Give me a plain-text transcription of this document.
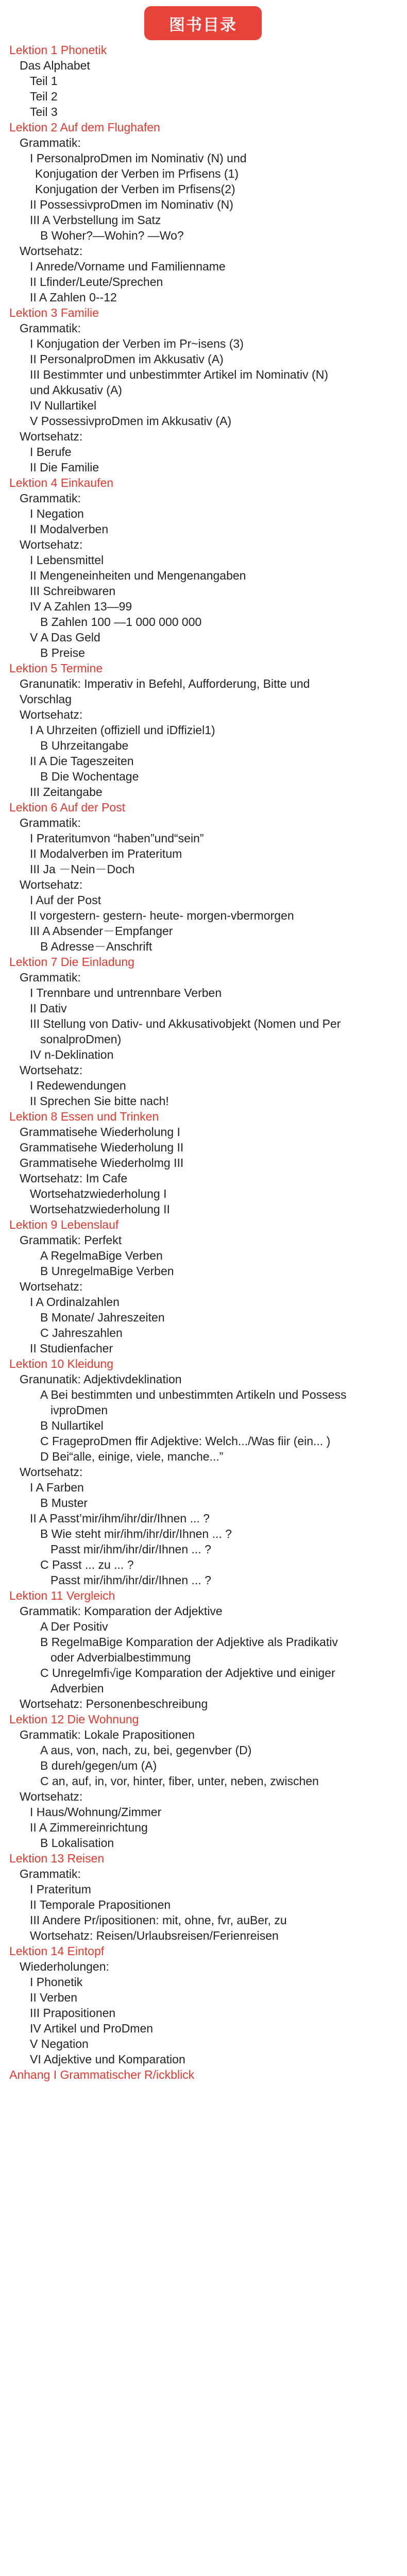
图书目录
Lektion 1 Phonetik
Das Alphabet
Teil 1
Teil 2
Teil 3
Lektion 2 Auf dem Flughafen
Grammatik:
I PersonalproDmen im Nominativ (N) und
Konjugation der Verben im Prfisens (1)
Konjugation der Verben im Prfisens(2)
II PossessivproDmen im Nominativ (N)
III A Verbstellung im Satz
B Woher?—Wohin? —Wo?
Wortsehatz:
I Anrede/Vorname und Familienname
II Lfinder/Leute/Sprechen
II A Zahlen 0--12
Lektion 3 Familie
Grammatik:
I Konjugation der Verben im Pr~isens (3)
II PersonalproDmen im Akkusativ (A)
III Bestimmter und unbestimmter Artikel im Nominativ (N)
und Akkusativ (A)
IV Nullartikel
V PossessivproDmen im Akkusativ (A)
Wortsehatz:
I Berufe
II Die Familie
Lektion 4 Einkaufen
Grammatik:
I Negation
II Modalverben
Wortsehatz:
I Lebensmittel
II Mengeneinheiten und Mengenangaben
III Schreibwaren
IV A Zahlen 13—99
B Zahlen 100 —1 000 000 000
V A Das Geld
B Preise
Lektion 5 Termine
Granunatik: Imperativ in Befehl, Aufforderung, Bitte und
Vorschlag
Wortsehatz:
I A Uhrzeiten (offiziell und iDffiziel1)
B Uhrzeitangabe
II A Die Tageszeiten
B Die Wochentage
III Zeitangabe
Lektion 6 Auf der Post
Grammatik:
I Prateritumvon “haben”und“sein”
II Modalverben im Prateritum
III Ja －Nein－Doch
Wortsehatz:
I Auf der Post
II vorgestern- gestern- heute- morgen-vbermorgen
III A Absender－Empfanger
B Adresse－Anschrift
Lektion 7 Die Einladung
Grammatik:
I Trennbare und untrennbare Verben
II Dativ
III Stellung von Dativ- und Akkusativobjekt (Nomen und Per
sonalproDmen)
IV n-Deklination
Wortsehatz:
I Redewendungen
II Sprechen Sie bitte nach!
Lektion 8 Essen und Trinken
Grammatisehe Wiederholung I
Grammatisehe Wiederholung II
Grammatisehe Wiederholmg III
Wortsehatz: Im Cafe
Wortsehatzwiederholung I
Wortsehatzwiederholung II
Lektion 9 Lebenslauf
Grammatik: Perfekt
A RegelmaBige Verben
B UnregelmaBige Verben
Wortsehatz:
I A Ordinalzahlen
B Monate/ Jahreszeiten
C Jahreszahlen
II Studienfacher
Lektion 10 Kleidung
Granunatik: Adjektivdeklination
A Bei bestimmten und unbestimmten Artikeln und Possess
ivproDmen
B Nullartikel
C FrageproDmen ffir Adjektive: Welch.../Was fiir (ein... )
D Bei“alle, einige, viele, manche...”
Wortsehatz:
I A Farben
B Muster
II A Passt’mir/ihm/ihr/dir/Ihnen ... ?
B Wie steht mir/ihm/ihr/dir/Ihnen ... ?
Passt mir/ihm/ihr/dir/Ihnen ... ?
C Passt ... zu ... ?
Passt mir/ihm/ihr/dir/Ihnen ... ?
Lektion 11 Vergleich
Grammatik: Komparation der Adjektive
A Der Positiv
B RegelmaBige Komparation der Adjektive als Pradikativ
oder Adverbialbestimmung
C Unregelmfi√ige Komparation der Adjektive und einiger
Adverbien
Wortsehatz: Personenbeschreibung
Lektion 12 Die Wohnung
Grammatik: Lokale Prapositionen
A aus, von, nach, zu, bei, gegenvber (D)
B dureh/gegen/um (A)
C an, auf, in, vor, hinter, fiber, unter, neben, zwischen
Wortsehatz:
I Haus/Wohnung/Zimmer
II A Zimmereinrichtung
B Lokalisation
Lektion 13 Reisen
Grammatik:
I Prateritum
II Temporale Prapositionen
III Andere Pr/ipositionen: mit, ohne, fvr, auBer, zu
Wortsehatz: Reisen/Urlaubsreisen/Ferienreisen
Lektion 14 Eintopf
Wiederholungen:
I Phonetik
II Verben
III Prapositionen
IV Artikel und ProDmen
V Negation
VI Adjektive und Komparation
Anhang I Grammatischer R/ickblick
